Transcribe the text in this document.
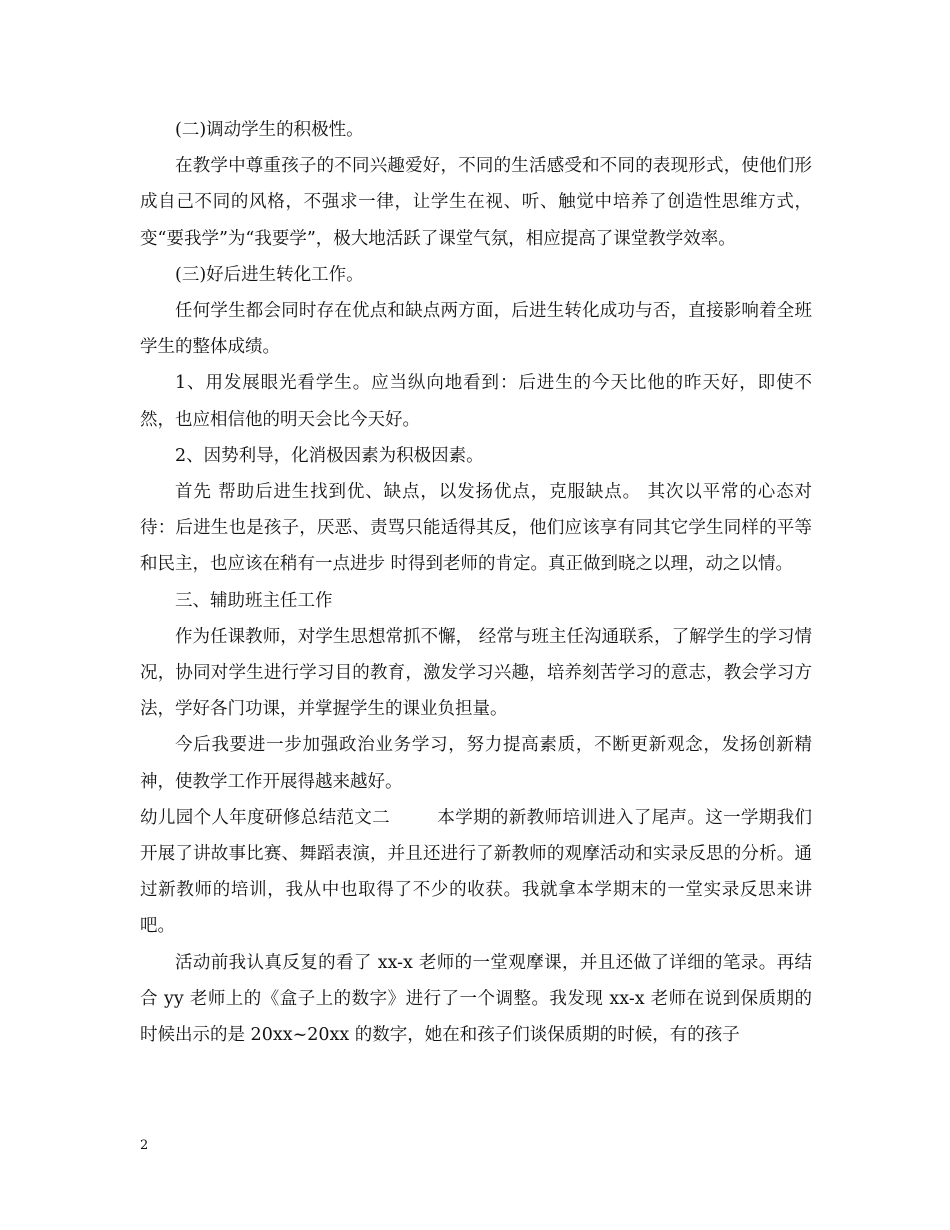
(二)调动学生的积极性。

在教学中尊重孩子的不同兴趣爱好，不同的生活感受和不同的表现形式，使他们形成自己不同的风格，不强求一律，让学生在视、听、触觉中培养了创造性思维方式，变“要我学”为“我要学”，极大地活跃了课堂气氛，相应提高了课堂教学效率。

(三)好后进生转化工作。

任何学生都会同时存在优点和缺点两方面，后进生转化成功与否，直接影响着全班学生的整体成绩。

1、用发展眼光看学生。应当纵向地看到：后进生的今天比他的昨天好，即使不然，也应相信他的明天会比今天好。

2、因势利导，化消极因素为积极因素。

首先 帮助后进生找到优、缺点，以发扬优点，克服缺点。 其次以平常的心态对待：后进生也是孩子，厌恶、责骂只能适得其反，他们应该享有同其它学生同样的平等和民主，也应该在稍有一点进步 时得到老师的肯定。真正做到晓之以理，动之以情。

三、辅助班主任工作

作为任课教师，对学生思想常抓不懈， 经常与班主任沟通联系，了解学生的学习情况，协同对学生进行学习目的教育，激发学习兴趣，培养刻苦学习的意志，教会学习方法，学好各门功课，并掌握学生的课业负担量。

今后我要进一步加强政治业务学习，努力提高素质，不断更新观念，发扬创新精神，使教学工作开展得越来越好。

幼儿园个人年度研修总结范文二        本学期的新教师培训进入了尾声。这一学期我们开展了讲故事比赛、舞蹈表演，并且还进行了新教师的观摩活动和实录反思的分析。通过新教师的培训，我从中也取得了不少的收获。我就拿本学期末的一堂实录反思来讲吧。

活动前我认真反复的看了 xx-x 老师的一堂观摩课，并且还做了详细的笔录。再结合 yy 老师上的《盒子上的数字》进行了一个调整。我发现 xx-x 老师在说到保质期的时候出示的是 20xx~20xx 的数字，她在和孩子们谈保质期的时候，有的孩子

2
